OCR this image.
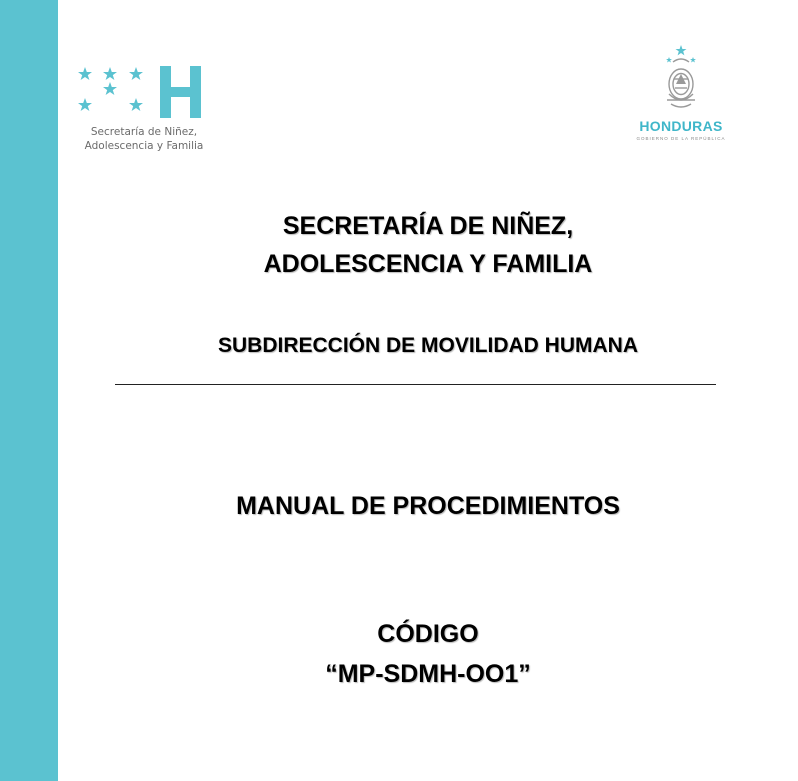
Secretaría de Niñez,
Adolescencia y Familia
HONDURAS
GOBIERNO DE LA REPÚBLICA
SECRETARÍA DE NIÑEZ,
ADOLESCENCIA Y FAMILIA
SUBDIRECCIÓN DE MOVILIDAD HUMANA
MANUAL DE PROCEDIMIENTOS
CÓDIGO
“MP-SDMH-OO1”
